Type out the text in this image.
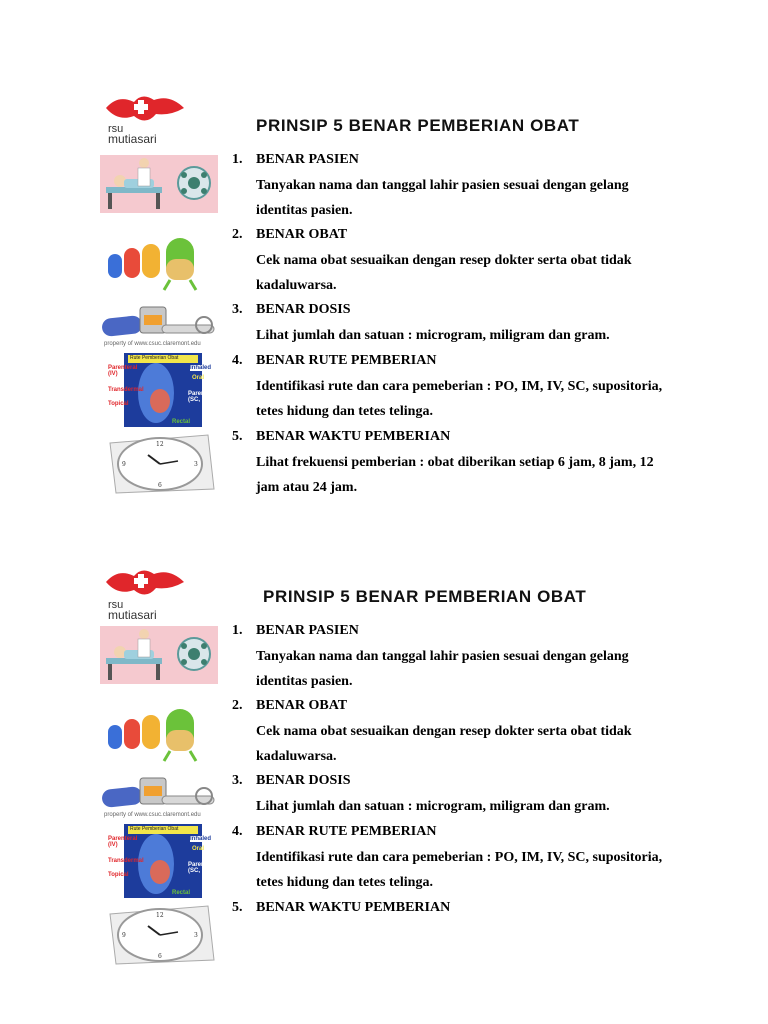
rsu
mutiasari
PRINSIP 5 BENAR PEMBERIAN OBAT
property of www.csuc.claremont.edu
Rute Pemberian Obat
Parenteral (IV)
Inhaled
Oral
Transdermal
Parenteral (SC, IM)
Topical
Rectal
12
3
6
9
1. BENAR PASIEN
Tanyakan nama dan tanggal lahir pasien sesuai dengan gelang identitas pasien.
2. BENAR OBAT
Cek nama obat sesuaikan dengan resep dokter serta obat tidak kadaluwarsa.
3. BENAR DOSIS
Lihat jumlah dan satuan : microgram, miligram dan gram.
4. BENAR RUTE PEMBERIAN
Identifikasi rute dan cara pemeberian : PO, IM, IV, SC, supositoria, tetes hidung dan tetes telinga.
5. BENAR WAKTU PEMBERIAN
Lihat frekuensi pemberian : obat diberikan setiap 6 jam, 8 jam, 12 jam atau 24 jam.
rsu
mutiasari
PRINSIP 5 BENAR PEMBERIAN OBAT
property of www.csuc.claremont.edu
Rute Pemberian Obat
Parenteral (IV)
Inhaled
Oral
Transdermal
Parenteral (SC, IM)
Topical
Rectal
12
3
6
9
1. BENAR PASIEN
Tanyakan nama dan tanggal lahir pasien sesuai dengan gelang identitas pasien.
2. BENAR OBAT
Cek nama obat sesuaikan dengan resep dokter serta obat tidak kadaluwarsa.
3. BENAR DOSIS
Lihat jumlah dan satuan : microgram, miligram dan gram.
4. BENAR RUTE PEMBERIAN
Identifikasi rute dan cara pemeberian : PO, IM, IV, SC, supositoria, tetes hidung dan tetes telinga.
5. BENAR WAKTU PEMBERIAN
